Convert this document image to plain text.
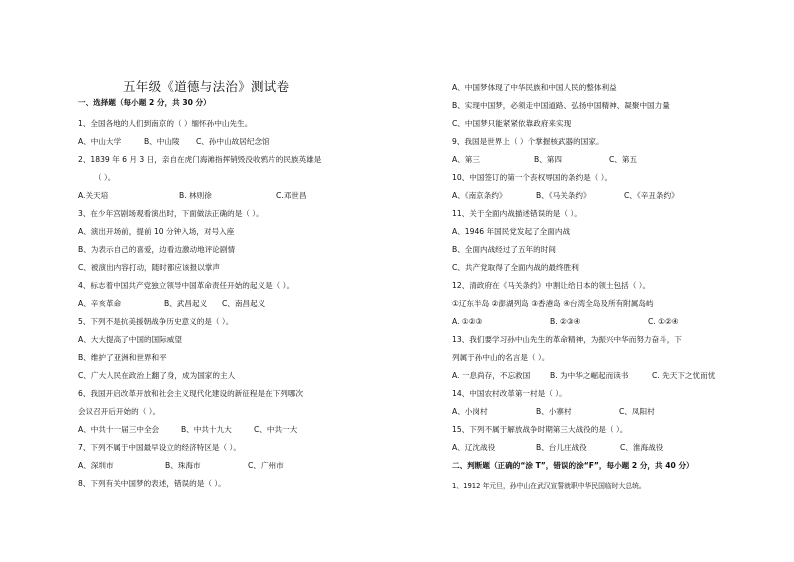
五年级《道德与法治》测试卷
一、选择题（每小题 2 分，共 30 分）
1、全国各地的人们到南京的（ ）缅怀孙中山先生。
A、中山大学	B、中山陵	C、孙中山故居纪念馆
2、1839 年 6 月 3 日，亲自在虎门海滩指挥销毁没收鸦片的民族英雄是
（ ）。
A.关天培	B. 林则徐	C.邓世昌
3、在少年宫剧场观看演出时，下面做法正确的是（ ）。
A、演出开场前，提前 10 分钟入场，对号入座
B、为表示自己的喜爱，边看边激动地评论剧情
C、被演出内容打动，随时都应该报以掌声
4、标志着中国共产党独立领导中国革命责任开始的起义是（ ）。
A、辛亥革命	B、武昌起义	C、南昌起义
5、下列不是抗美援朝战争历史意义的是（ ）。
A、大大提高了中国的国际威望
B、维护了亚洲和世界和平
C、广大人民在政治上翻了身，成为国家的主人
6、我国开启改革开放和社会主义现代化建设的新征程是在下列哪次
会议召开后开始的（ ）。
A、中共十一届三中全会	B、中共十九大	C、中共一大
7、下列不属于中国最早设立的经济特区是（ ）。
A、深圳市	B、珠海市	C、广州市
8、下列有关中国梦的表述，错误的是（ ）。
A、中国梦体现了中华民族和中国人民的整体利益
B、实现中国梦，必须走中国道路、弘扬中国精神、凝聚中国力量
C、中国梦只能紧紧依靠政府来实现
9、我国是世界上（ ）个掌握核武器的国家。
A、第三	B、第四	C、第五
10、中国签订的第一个丧权辱国的条约是（ ）。
A、《南京条约》	B、《马关条约》	C、《辛丑条约》
11、关于全面内战描述错误的是（ ）。
A、1946 年国民党发起了全面内战
B、全面内战经过了五年的时间
C、共产党取得了全面内战的最终胜利
12、清政府在《马关条约》中割让给日本的领土包括（ ）。
①辽东半岛 ②澎湖列岛 ③香港岛 ④台湾全岛及所有附属岛屿
A. ①②③	B. ②③④	C. ①②④
13、我们要学习孙中山先生的革命精神，为振兴中华而努力奋斗，下
列属于孙中山的名言是（ ）。
A. 一息尚存，不忘救国	B. 为中华之崛起而读书	C. 先天下之忧而忧
14、中国农村改革第一村是（ ）。
A、小岗村	B、小寨村	C、凤阳村
15、下列不属于解放战争时期第三大战役的是（ ）。
A、辽沈战役	B、台儿庄战役	C、淮海战役
二、判断题（正确的“涂 T”，错误的涂“F”，每小题 2 分，共 40 分）
1、1912 年元旦，孙中山在武汉宣誓就职中华民国临时大总统。
